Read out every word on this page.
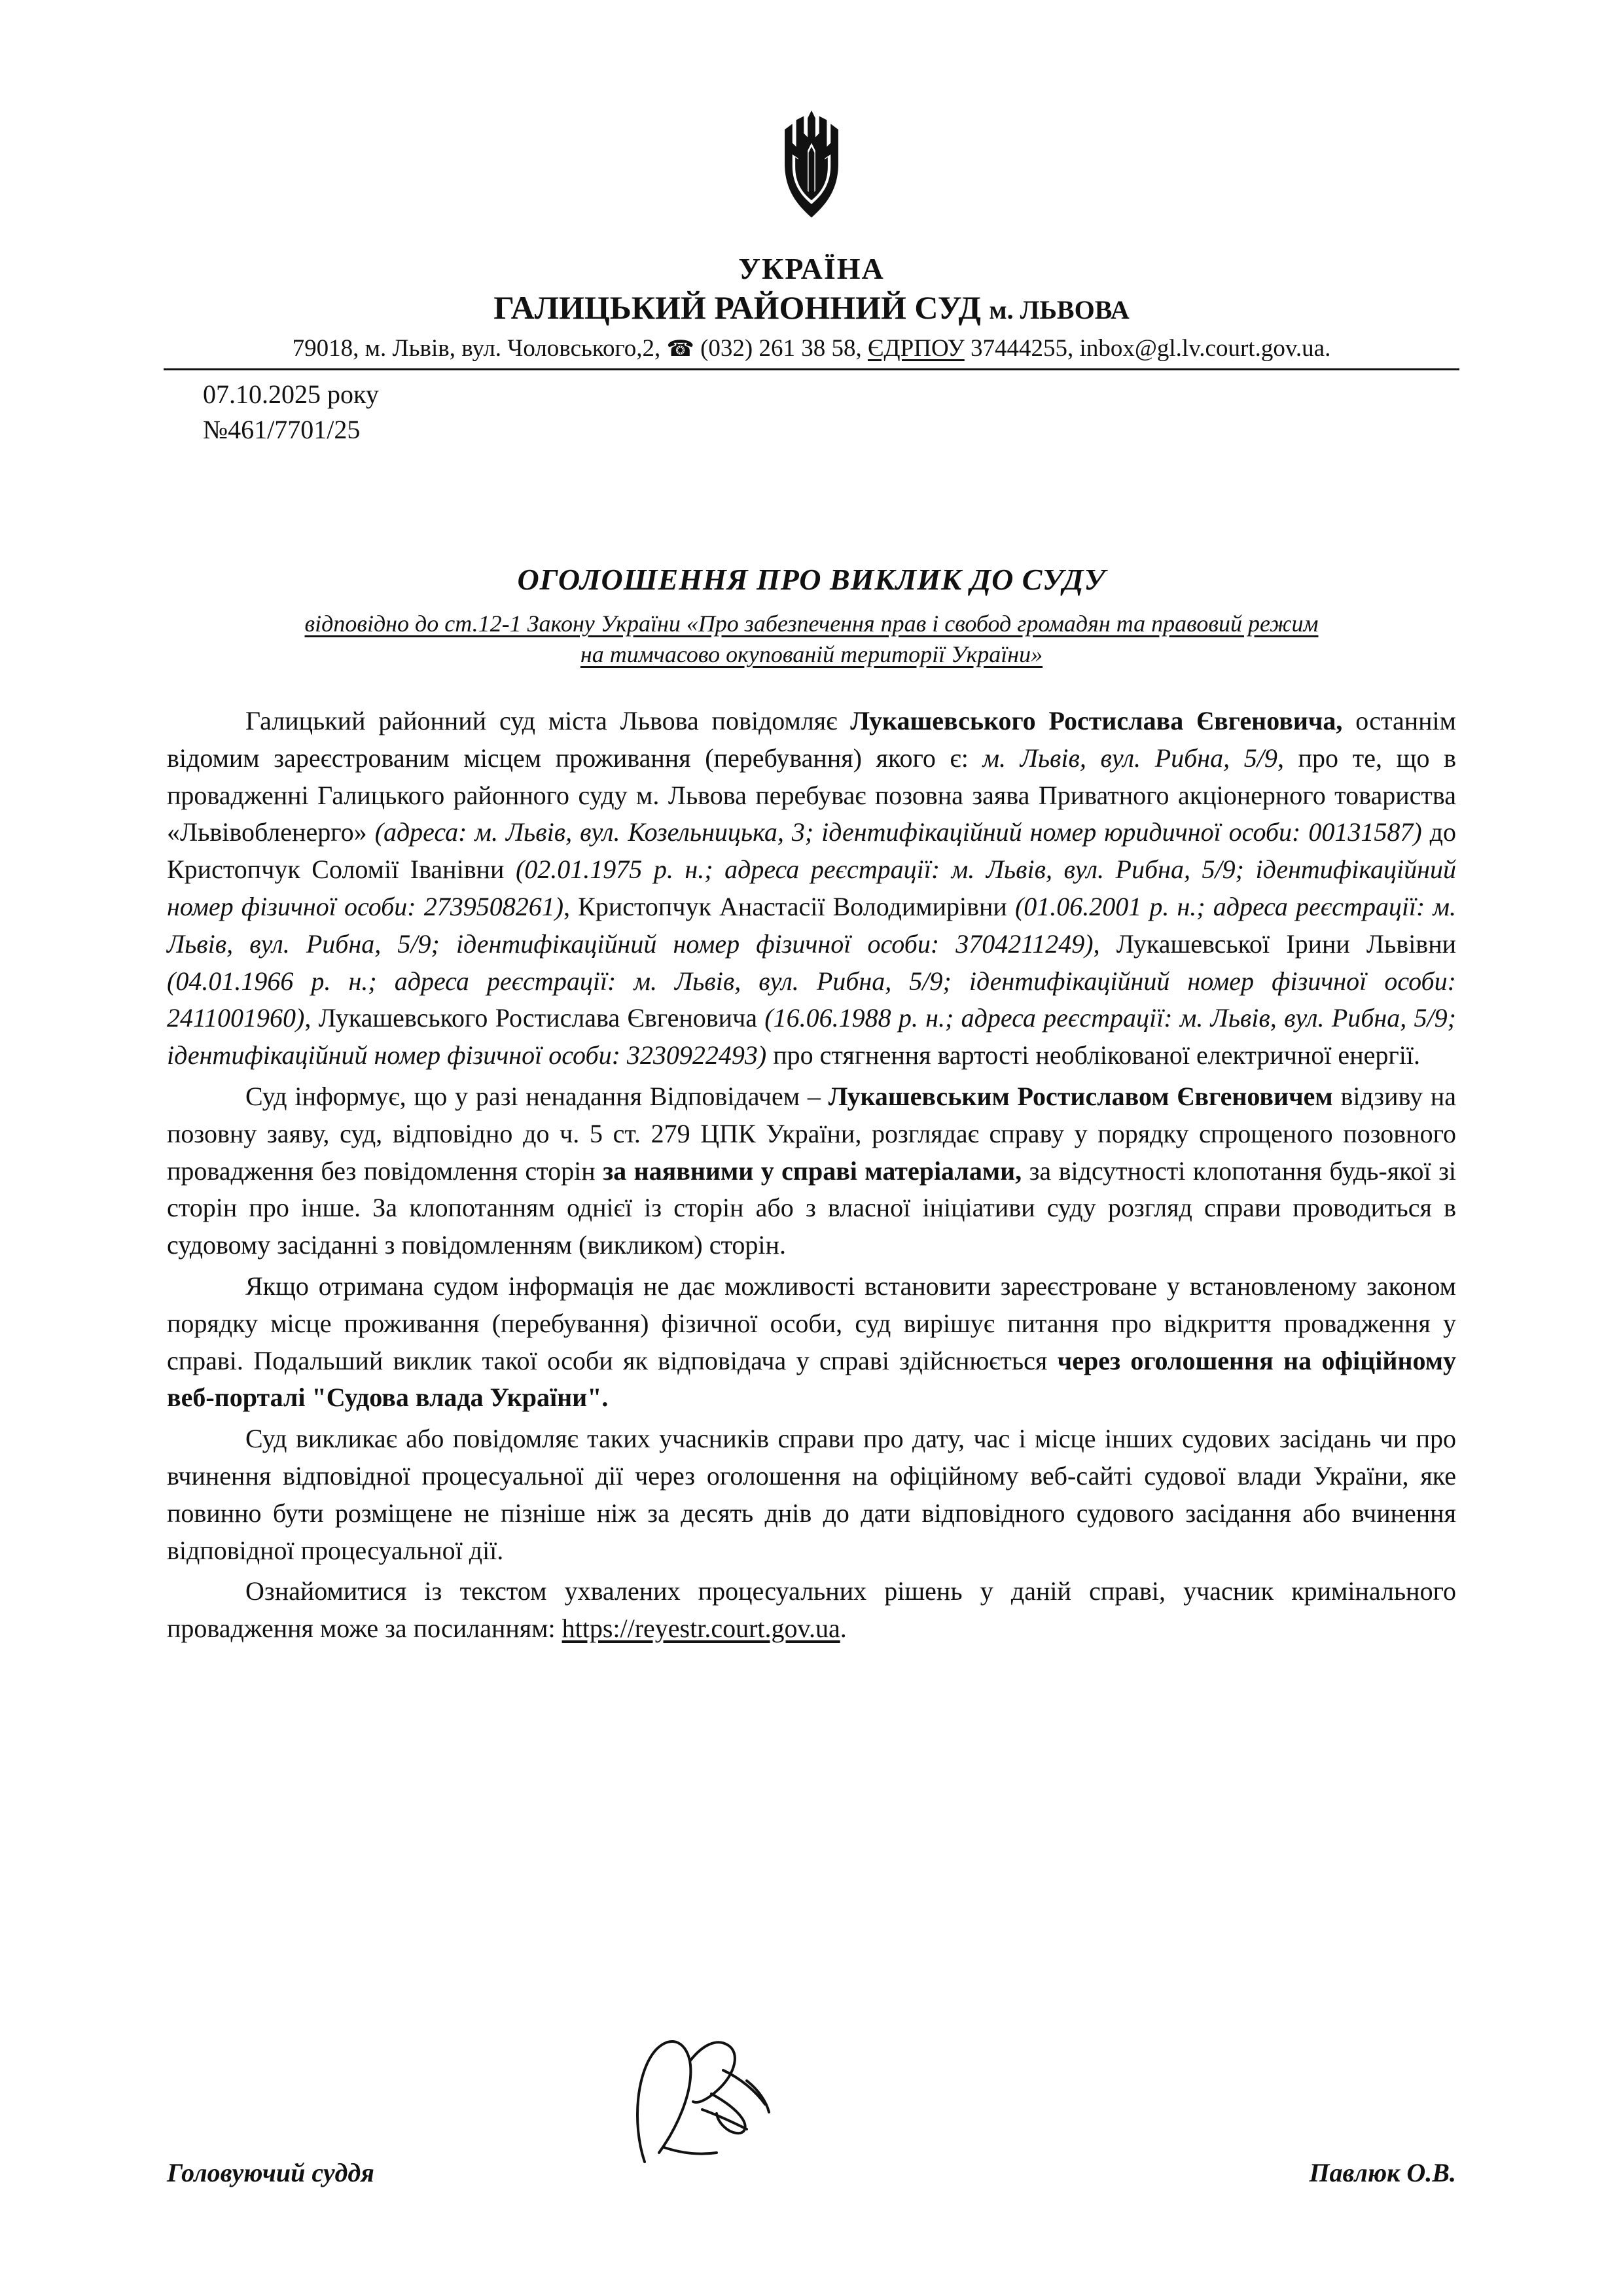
УКРАЇНА
ГАЛИЦЬКИЙ РАЙОННИЙ СУД м. ЛЬВОВА
79018, м. Львів, вул. Чоловського,2, ☎ (032) 261 38 58, ЄДРПОУ 37444255, inbox@gl.lv.court.gov.ua.
07.10.2025 року
№461/7701/25
ОГОЛОШЕННЯ ПРО ВИКЛИК ДО СУДУ
відповідно до ст.12-1 Закону України «Про забезпечення прав і свобод громадян та правовий режим
на тимчасово окупованій території України»

Галицький районний суд міста Львова повідомляє Лукашевського Ростислава Євгеновича, останнім відомим зареєстрованим місцем проживання (перебування) якого є: м. Львів, вул. Рибна, 5/9, про те, що в провадженні Галицького районного суду м. Львова перебуває позовна заява Приватного акціонерного товариства «Львівобленерго» (адреса: м. Львів, вул. Козельницька, 3; ідентифікаційний номер юридичної особи: 00131587) до Кристопчук Соломії Іванівни (02.01.1975 р. н.; адреса реєстрації: м. Львів, вул. Рибна, 5/9; ідентифікаційний номер фізичної особи: 2739508261), Кристопчук Анастасії Володимирівни (01.06.2001 р. н.; адреса реєстрації: м. Львів, вул. Рибна, 5/9; ідентифікаційний номер фізичної особи: 3704211249), Лукашевської Ірини Львівни (04.01.1966 р. н.; адреса реєстрації: м. Львів, вул. Рибна, 5/9; ідентифікаційний номер фізичної особи: 2411001960), Лукашевського Ростислава Євгеновича (16.06.1988 р. н.; адреса реєстрації: м. Львів, вул. Рибна, 5/9; ідентифікаційний номер фізичної особи: 3230922493) про стягнення вартості необлікованої електричної енергії.

Суд інформує, що у разі ненадання Відповідачем – Лукашевським Ростиславом Євгеновичем відзиву на позовну заяву, суд, відповідно до ч. 5 ст. 279 ЦПК України, розглядає справу у порядку спрощеного позовного провадження без повідомлення сторін за наявними у справі матеріалами, за відсутності клопотання будь-якої зі сторін про інше. За клопотанням однієї із сторін або з власної ініціативи суду розгляд справи проводиться в судовому засіданні з повідомленням (викликом) сторін.

Якщо отримана судом інформація не дає можливості встановити зареєстроване у встановленому законом порядку місце проживання (перебування) фізичної особи, суд вирішує питання про відкриття провадження у справі. Подальший виклик такої особи як відповідача у справі здійснюється через оголошення на офіційному веб-порталі "Судова влада України".

Суд викликає або повідомляє таких учасників справи про дату, час і місце інших судових засідань чи про вчинення відповідної процесуальної дії через оголошення на офіційному веб-сайті судової влади України, яке повинно бути розміщене не пізніше ніж за десять днів до дати відповідного судового засідання або вчинення відповідної процесуальної дії.

Ознайомитися із текстом ухвалених процесуальних рішень у даній справі, учасник кримінального провадження може за посиланням: https://reyestr.court.gov.ua.

Головуючий суддя	Павлюк О.В.
